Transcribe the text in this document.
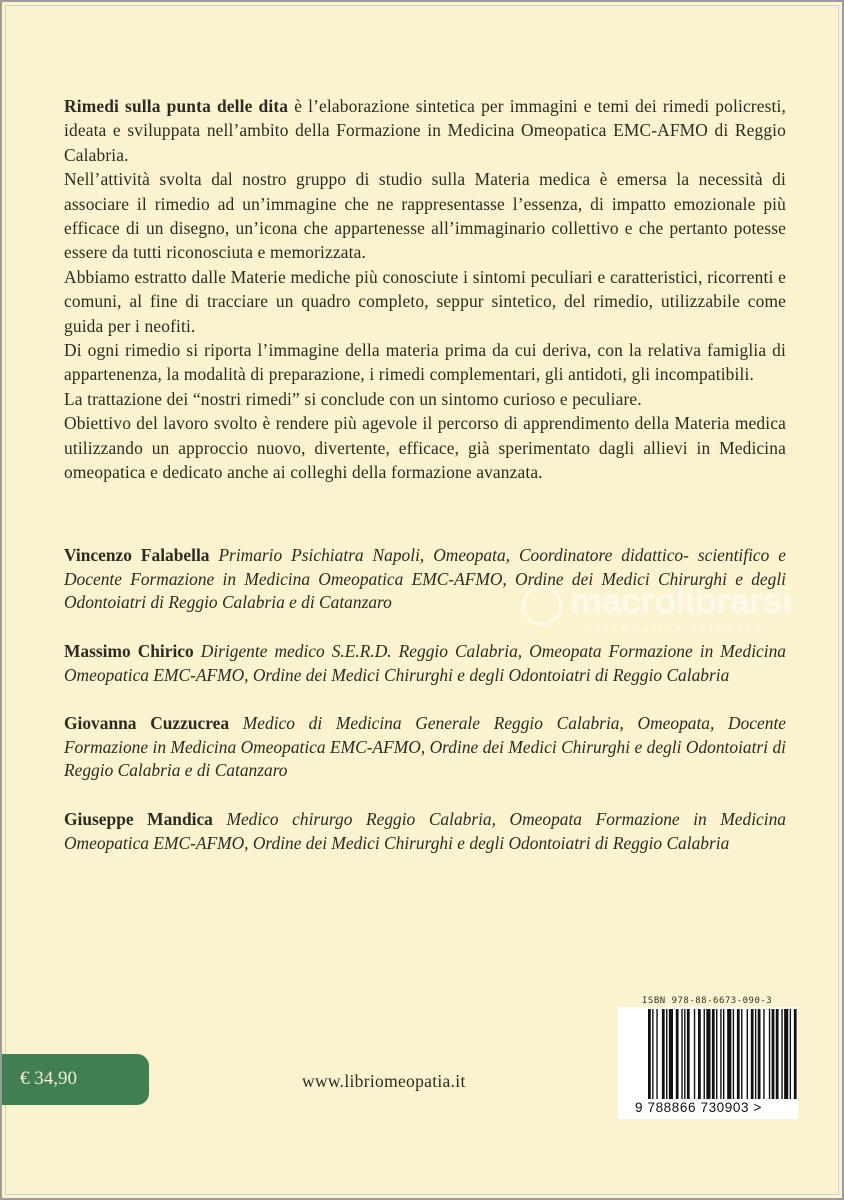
Rimedi sulla punta delle dita è l’elaborazione sintetica per immagini e temi dei rimedi policresti, ideata e sviluppata nell’ambito della Formazione in Medicina Omeopatica EMC-AFMO di Reggio Calabria.

Nell’attività svolta dal nostro gruppo di studio sulla Materia medica è emersa la necessità di associare il rimedio ad un’immagine che ne rappresentasse l’essenza, di impatto emozionale più efficace di un disegno, un’icona che appartenesse all’immaginario collettivo e che pertanto potesse essere da tutti riconosciuta e memorizzata.

Abbiamo estratto dalle Materie mediche più conosciute i sintomi peculiari e caratteristici, ricorrenti e comuni, al fine di tracciare un quadro completo, seppur sintetico, del rimedio, utilizzabile come guida per i neofiti.

Di ogni rimedio si riporta l’immagine della materia prima da cui deriva, con la relativa famiglia di appartenenza, la modalità di preparazione, i rimedi complementari, gli antidoti, gli incompatibili.

La trattazione dei “nostri rimedi” si conclude con un sintomo curioso e peculiare.

Obiettivo del lavoro svolto è rendere più agevole il percorso di apprendimento della Materia medica utilizzando un approccio nuovo, divertente, efficace, già sperimentato dagli allievi in Medicina omeopatica e dedicato anche ai colleghi della formazione avanzata.

Vincenzo Falabella Primario Psichiatra Napoli, Omeopata, Coordinatore didattico- scientifico e Docente Formazione in Medicina Omeopatica EMC-AFMO, Ordine dei Medici Chirurghi e degli Odontoiatri di Reggio Calabria e di Catanzaro
Massimo Chirico Dirigente medico S.E.R.D. Reggio Calabria, Omeopata Formazione in Medicina Omeopatica EMC-AFMO, Ordine dei Medici Chirurghi e degli Odontoiatri di Reggio Calabria
Giovanna Cuzzucrea Medico di Medicina Generale Reggio Calabria, Omeopata, Docente Formazione in Medicina Omeopatica EMC-AFMO, Ordine dei Medici Chirurghi e degli Odontoiatri di Reggio Calabria e di Catanzaro
Giuseppe Mandica Medico chirurgo Reggio Calabria, Omeopata Formazione in Medicina Omeopatica EMC-AFMO, Ordine dei Medici Chirurghi e degli Odontoiatri di Reggio Calabria
macrolibrarsi
ALTERNATIVA NATURALE
€ 34,90	www.libriomeopatia.it
ISBN 978-88-6673-090-3
9 788866 730903 >
